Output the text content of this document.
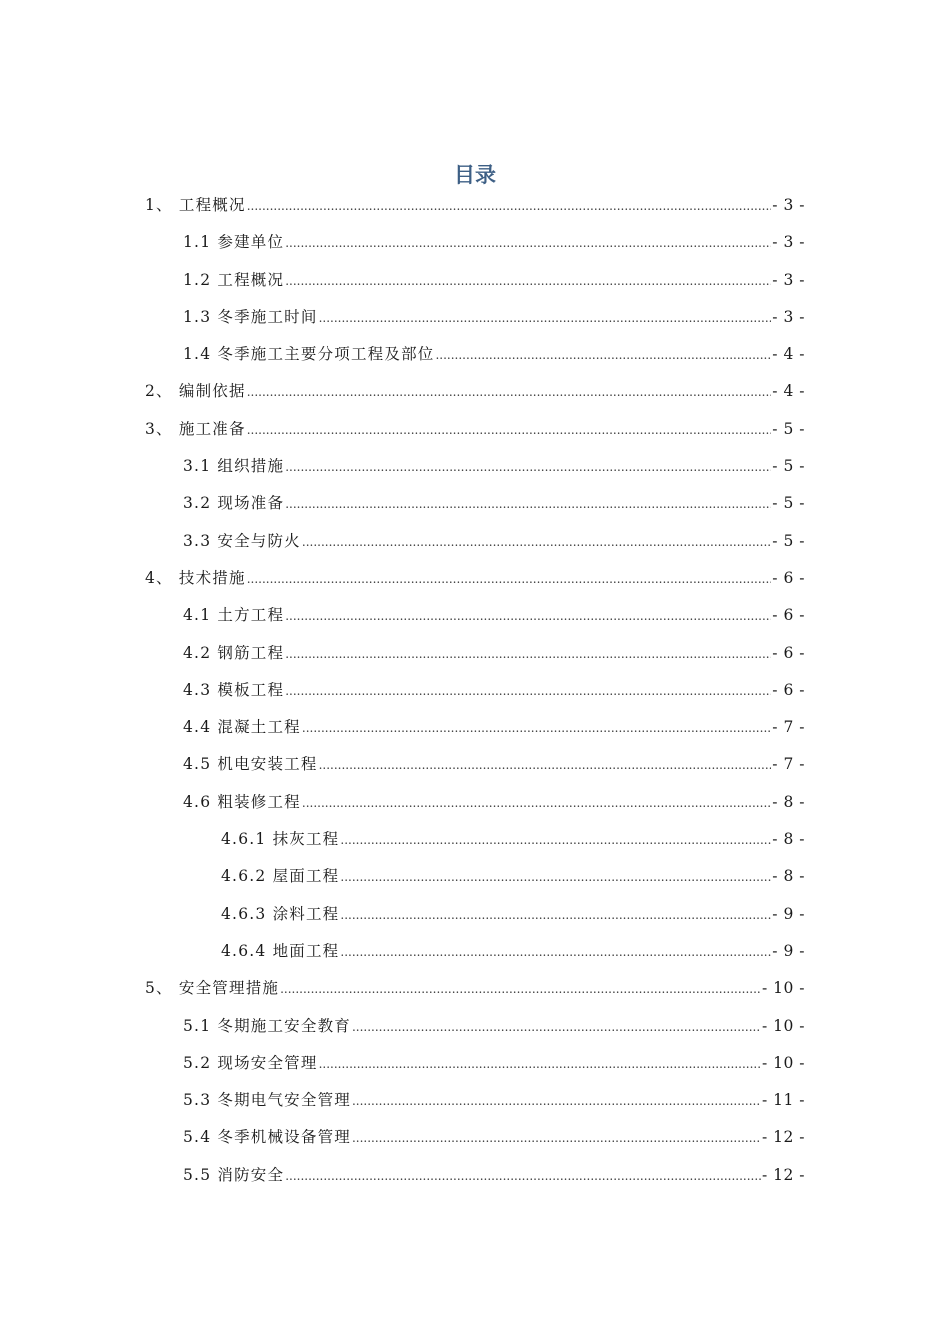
目录
1、 工程概况 .....	- 3 -
1.1 参建单位 .....	- 3 -
1.2 工程概况 .....	- 3 -
1.3 冬季施工时间 .....	- 3 -
1.4 冬季施工主要分项工程及部位 .....	- 4 -
2、 编制依据 .....	- 4 -
3、 施工准备 .....	- 5 -
3.1 组织措施 .....	- 5 -
3.2 现场准备 .....	- 5 -
3.3 安全与防火 .....	- 5 -
4、 技术措施 .....	- 6 -
4.1 土方工程 .....	- 6 -
4.2 钢筋工程 .....	- 6 -
4.3 模板工程 .....	- 6 -
4.4 混凝土工程 .....	- 7 -
4.5 机电安装工程 .....	- 7 -
4.6 粗装修工程 .....	- 8 -
4.6.1 抹灰工程 .....	- 8 -
4.6.2 屋面工程 .....	- 8 -
4.6.3 涂料工程 .....	- 9 -
4.6.4 地面工程 .....	- 9 -
5、 安全管理措施 .....	- 10 -
5.1 冬期施工安全教育 .....	- 10 -
5.2 现场安全管理 .....	- 10 -
5.3 冬期电气安全管理 .....	- 11 -
5.4 冬季机械设备管理 .....	- 12 -
5.5 消防安全 .....	- 12 -
